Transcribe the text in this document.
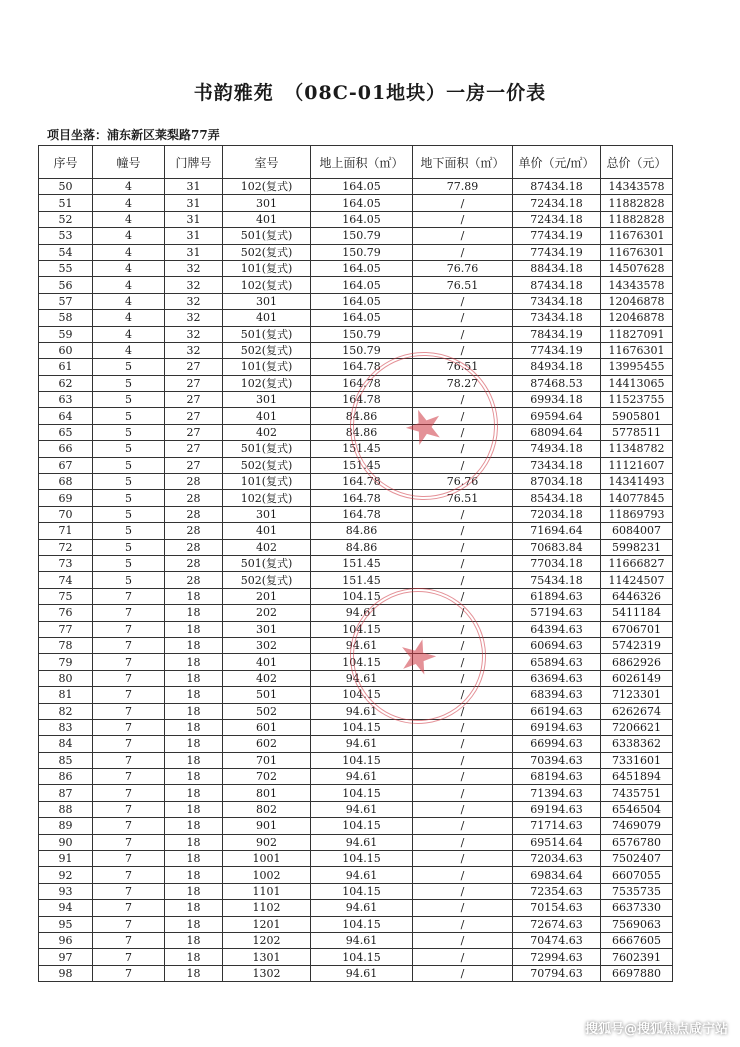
书韵雅苑　（08C-01地块）一房一价表
项目坐落：浦东新区莱梨路77弄
序号	幢号	门牌号	室号	地上面积（㎡）	地下面积（㎡）	单价（元/㎡）	总价（元）
50	4	31	102(复式)	164.05	77.89	87434.18	14343578
51	4	31	301	164.05	/	72434.18	11882828
52	4	31	401	164.05	/	72434.18	11882828
53	4	31	501(复式)	150.79	/	77434.19	11676301
54	4	31	502(复式)	150.79	/	77434.19	11676301
55	4	32	101(复式)	164.05	76.76	88434.18	14507628
56	4	32	102(复式)	164.05	76.51	87434.18	14343578
57	4	32	301	164.05	/	73434.18	12046878
58	4	32	401	164.05	/	73434.18	12046878
59	4	32	501(复式)	150.79	/	78434.19	11827091
60	4	32	502(复式)	150.79	/	77434.19	11676301
61	5	27	101(复式)	164.78	76.51	84934.18	13995455
62	5	27	102(复式)	164.78	78.27	87468.53	14413065
63	5	27	301	164.78	/	69934.18	11523755
64	5	27	401	84.86	/	69594.64	5905801
65	5	27	402	84.86	/	68094.64	5778511
66	5	27	501(复式)	151.45	/	74934.18	11348782
67	5	27	502(复式)	151.45	/	73434.18	11121607
68	5	28	101(复式)	164.78	76.76	87034.18	14341493
69	5	28	102(复式)	164.78	76.51	85434.18	14077845
70	5	28	301	164.78	/	72034.18	11869793
71	5	28	401	84.86	/	71694.64	6084007
72	5	28	402	84.86	/	70683.84	5998231
73	5	28	501(复式)	151.45	/	77034.18	11666827
74	5	28	502(复式)	151.45	/	75434.18	11424507
75	7	18	201	104.15	/	61894.63	6446326
76	7	18	202	94.61	/	57194.63	5411184
77	7	18	301	104.15	/	64394.63	6706701
78	7	18	302	94.61	/	60694.63	5742319
79	7	18	401	104.15	/	65894.63	6862926
80	7	18	402	94.61	/	63694.63	6026149
81	7	18	501	104.15	/	68394.63	7123301
82	7	18	502	94.61	/	66194.63	6262674
83	7	18	601	104.15	/	69194.63	7206621
84	7	18	602	94.61	/	66994.63	6338362
85	7	18	701	104.15	/	70394.63	7331601
86	7	18	702	94.61	/	68194.63	6451894
87	7	18	801	104.15	/	71394.63	7435751
88	7	18	802	94.61	/	69194.63	6546504
89	7	18	901	104.15	/	71714.63	7469079
90	7	18	902	94.61	/	69514.64	6576780
91	7	18	1001	104.15	/	72034.63	7502407
92	7	18	1002	94.61	/	69834.64	6607055
93	7	18	1101	104.15	/	72354.63	7535735
94	7	18	1102	94.61	/	70154.63	6637330
95	7	18	1201	104.15	/	72674.63	7569063
96	7	18	1202	94.61	/	70474.63	6667605
97	7	18	1301	104.15	/	72994.63	7602391
98	7	18	1302	94.61	/	70794.63	6697880
★
★
搜狐号@搜狐焦点咸宁站
